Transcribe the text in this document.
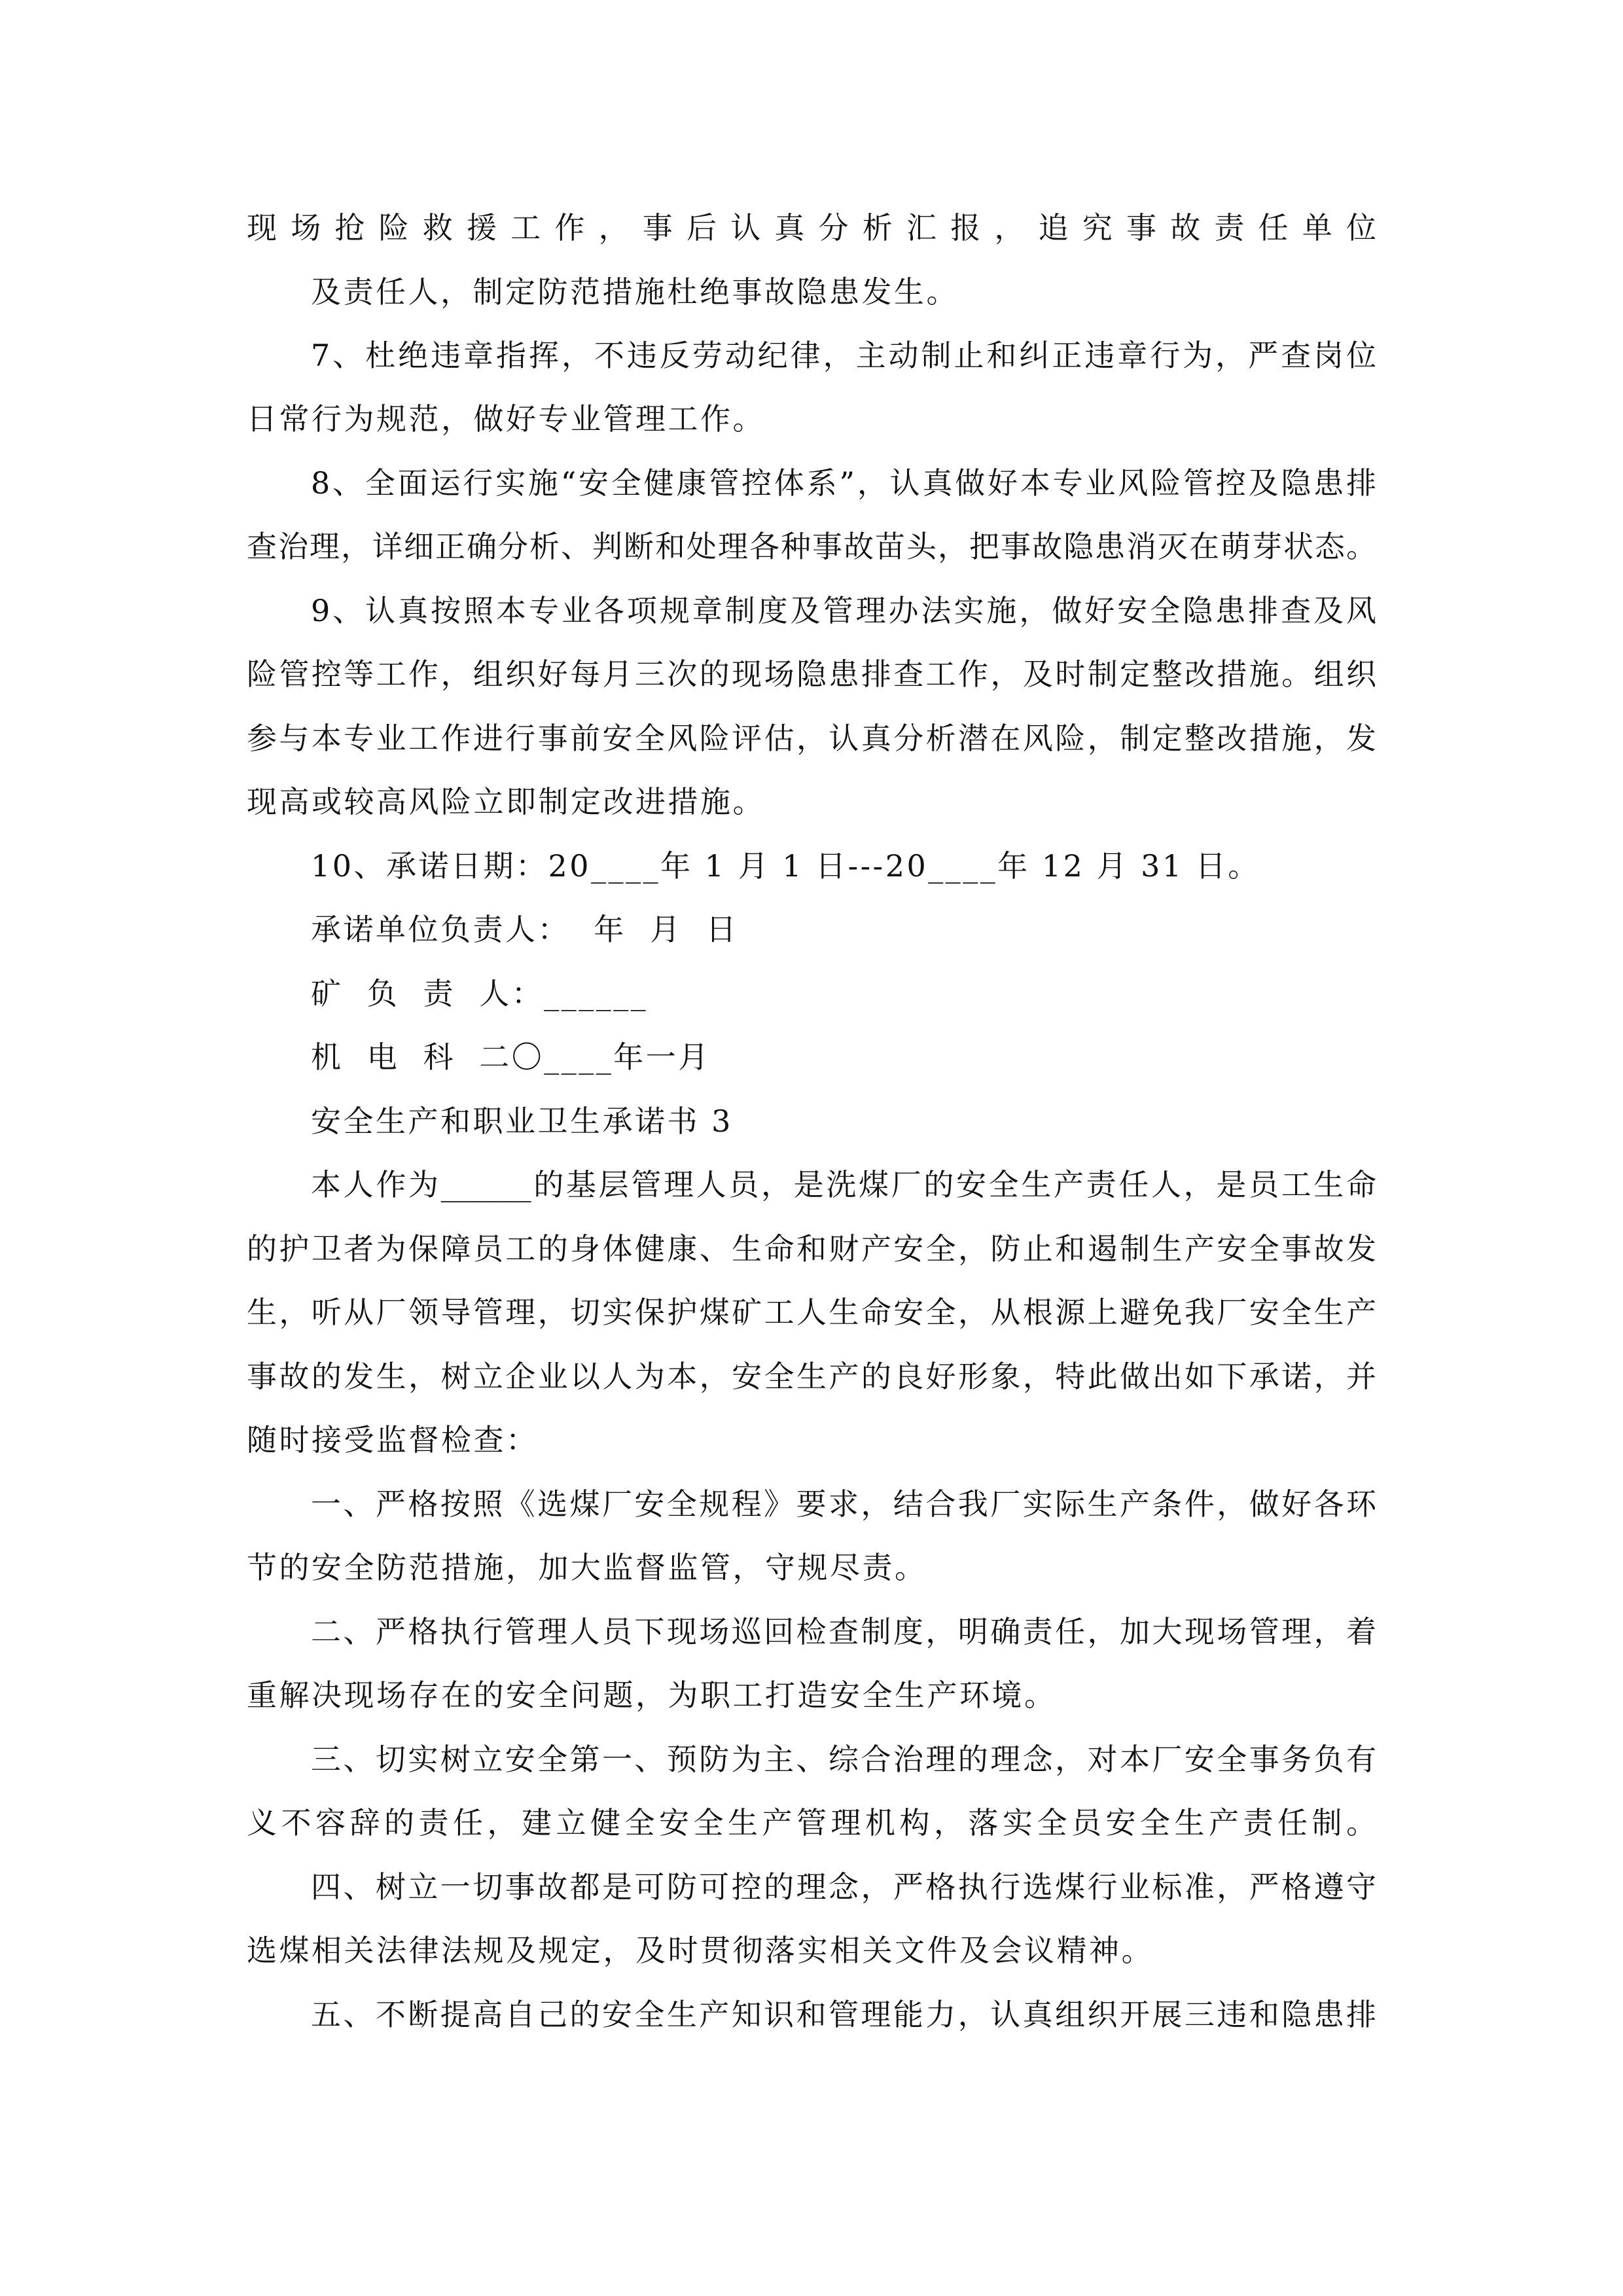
现场抢险救援工作，事后认真分析汇报，追究事故责任单位
及责任人，制定防范措施杜绝事故隐患发生。
7、杜绝违章指挥，不违反劳动纪律，主动制止和纠正违章行为，严查岗位
日常行为规范，做好专业管理工作。
8、全面运行实施“安全健康管控体系”，认真做好本专业风险管控及隐患排
查治理，详细正确分析、判断和处理各种事故苗头，把事故隐患消灭在萌芽状态。
9、认真按照本专业各项规章制度及管理办法实施，做好安全隐患排查及风
险管控等工作，组织好每月三次的现场隐患排查工作，及时制定整改措施。组织
参与本专业工作进行事前安全风险评估，认真分析潜在风险，制定整改措施，发
现高或较高风险立即制定改进措施。
10、承诺日期：20____年 1 月 1 日---20____年 12 月 31 日。
承诺单位负责人：  年  月  日
矿  负  责  人：______
机  电  科  二〇____年一月
安全生产和职业卫生承诺书 3
本人作为______的基层管理人员，是洗煤厂的安全生产责任人，是员工生命
的护卫者为保障员工的身体健康、生命和财产安全，防止和遏制生产安全事故发
生，听从厂领导管理，切实保护煤矿工人生命安全，从根源上避免我厂安全生产
事故的发生，树立企业以人为本，安全生产的良好形象，特此做出如下承诺，并
随时接受监督检查：
一、严格按照《选煤厂安全规程》要求，结合我厂实际生产条件，做好各环
节的安全防范措施，加大监督监管，守规尽责。
二、严格执行管理人员下现场巡回检查制度，明确责任，加大现场管理，着
重解决现场存在的安全问题，为职工打造安全生产环境。
三、切实树立安全第一、预防为主、综合治理的理念，对本厂安全事务负有
义不容辞的责任，建立健全安全生产管理机构，落实全员安全生产责任制。
四、树立一切事故都是可防可控的理念，严格执行选煤行业标准，严格遵守
选煤相关法律法规及规定，及时贯彻落实相关文件及会议精神。
五、不断提高自己的安全生产知识和管理能力，认真组织开展三违和隐患排
